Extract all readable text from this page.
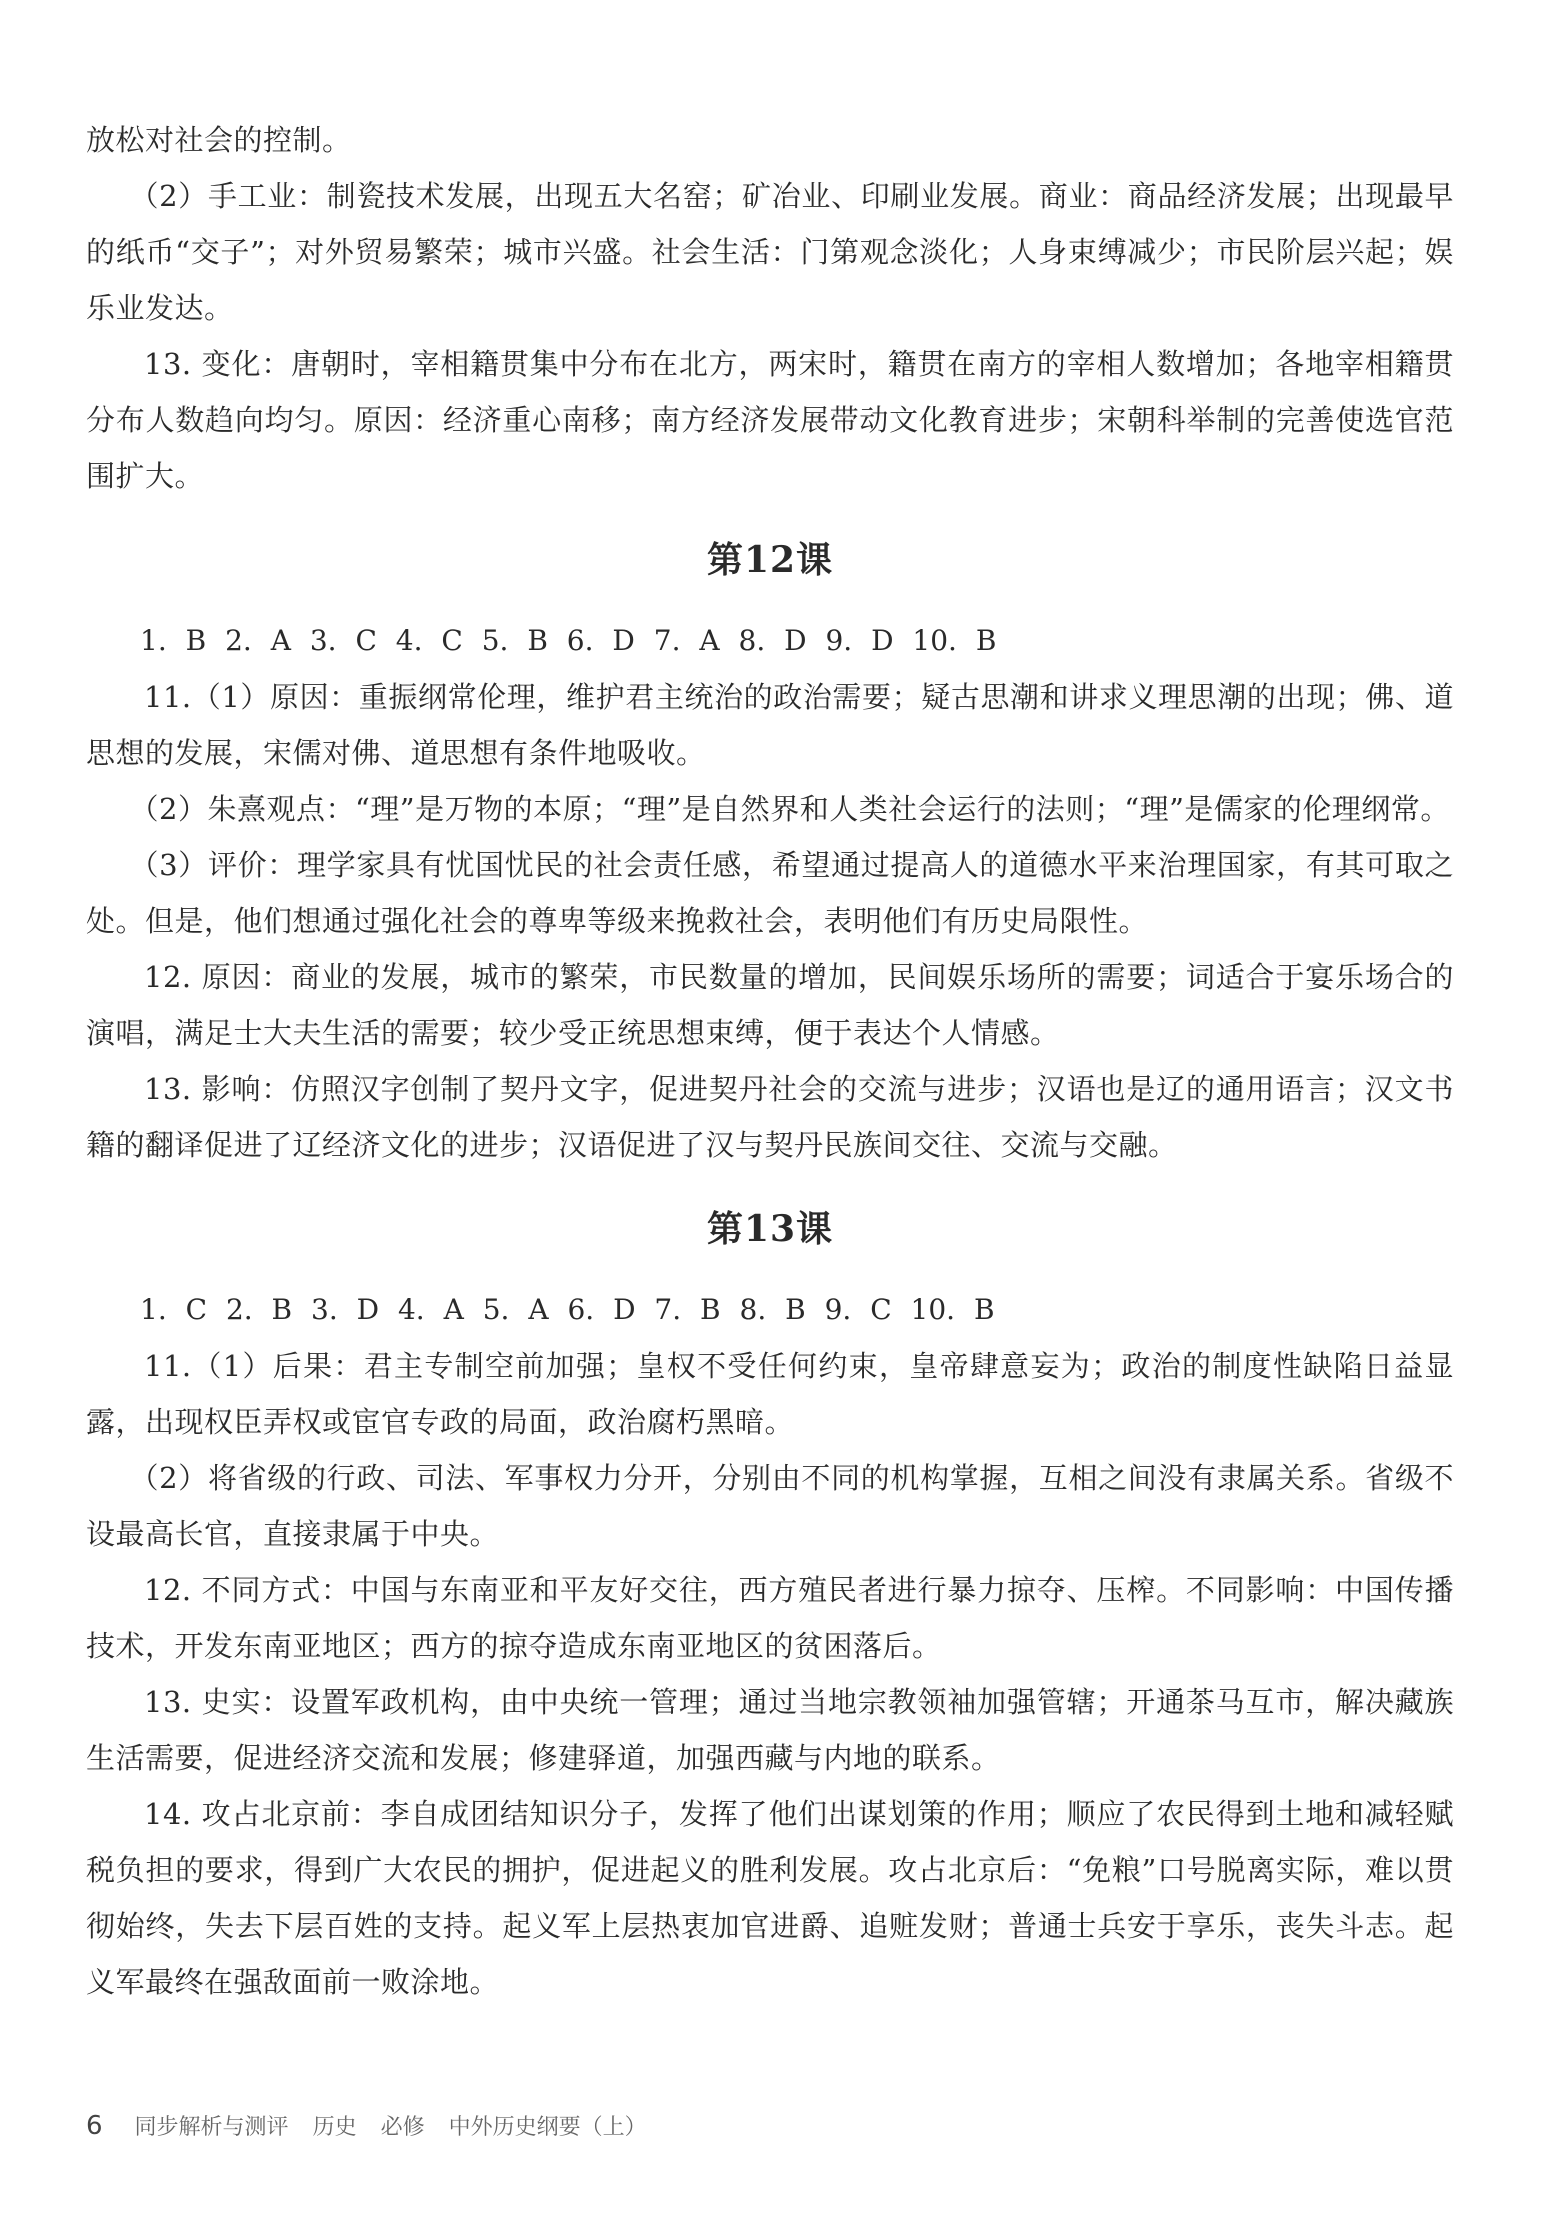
放松对社会的控制。

（2）手工业：制瓷技术发展，出现五大名窑；矿冶业、印刷业发展。商业：商品经济发展；出现最早的纸币“交子”；对外贸易繁荣；城市兴盛。社会生活：门第观念淡化；人身束缚减少；市民阶层兴起；娱乐业发达。

13. 变化：唐朝时，宰相籍贯集中分布在北方，两宋时，籍贯在南方的宰相人数增加；各地宰相籍贯分布人数趋向均匀。原因：经济重心南移；南方经济发展带动文化教育进步；宋朝科举制的完善使选官范围扩大。

第12课

1. B 2. A 3. C 4. C 5. B 6. D 7. A 8. D 9. D 10. B

11.（1）原因：重振纲常伦理，维护君主统治的政治需要；疑古思潮和讲求义理思潮的出现；佛、道思想的发展，宋儒对佛、道思想有条件地吸收。

（2）朱熹观点：“理”是万物的本原；“理”是自然界和人类社会运行的法则；“理”是儒家的伦理纲常。

（3）评价：理学家具有忧国忧民的社会责任感，希望通过提高人的道德水平来治理国家，有其可取之处。但是，他们想通过强化社会的尊卑等级来挽救社会，表明他们有历史局限性。

12. 原因：商业的发展，城市的繁荣，市民数量的增加，民间娱乐场所的需要；词适合于宴乐场合的演唱，满足士大夫生活的需要；较少受正统思想束缚，便于表达个人情感。

13. 影响：仿照汉字创制了契丹文字，促进契丹社会的交流与进步；汉语也是辽的通用语言；汉文书籍的翻译促进了辽经济文化的进步；汉语促进了汉与契丹民族间交往、交流与交融。

第13课

1. C 2. B 3. D 4. A 5. A 6. D 7. B 8. B 9. C 10. B

11.（1）后果：君主专制空前加强；皇权不受任何约束，皇帝肆意妄为；政治的制度性缺陷日益显露，出现权臣弄权或宦官专政的局面，政治腐朽黑暗。

（2）将省级的行政、司法、军事权力分开，分别由不同的机构掌握，互相之间没有隶属关系。省级不设最高长官，直接隶属于中央。

12. 不同方式：中国与东南亚和平友好交往，西方殖民者进行暴力掠夺、压榨。不同影响：中国传播技术，开发东南亚地区；西方的掠夺造成东南亚地区的贫困落后。

13. 史实：设置军政机构，由中央统一管理；通过当地宗教领袖加强管辖；开通茶马互市，解决藏族生活需要，促进经济交流和发展；修建驿道，加强西藏与内地的联系。

14. 攻占北京前：李自成团结知识分子，发挥了他们出谋划策的作用；顺应了农民得到土地和减轻赋税负担的要求，得到广大农民的拥护，促进起义的胜利发展。攻占北京后：“免粮”口号脱离实际，难以贯彻始终，失去下层百姓的支持。起义军上层热衷加官进爵、追赃发财；普通士兵安于享乐，丧失斗志。起义军最终在强敌面前一败涂地。

6 同步解析与测评 历史 必修 中外历史纲要（上）
